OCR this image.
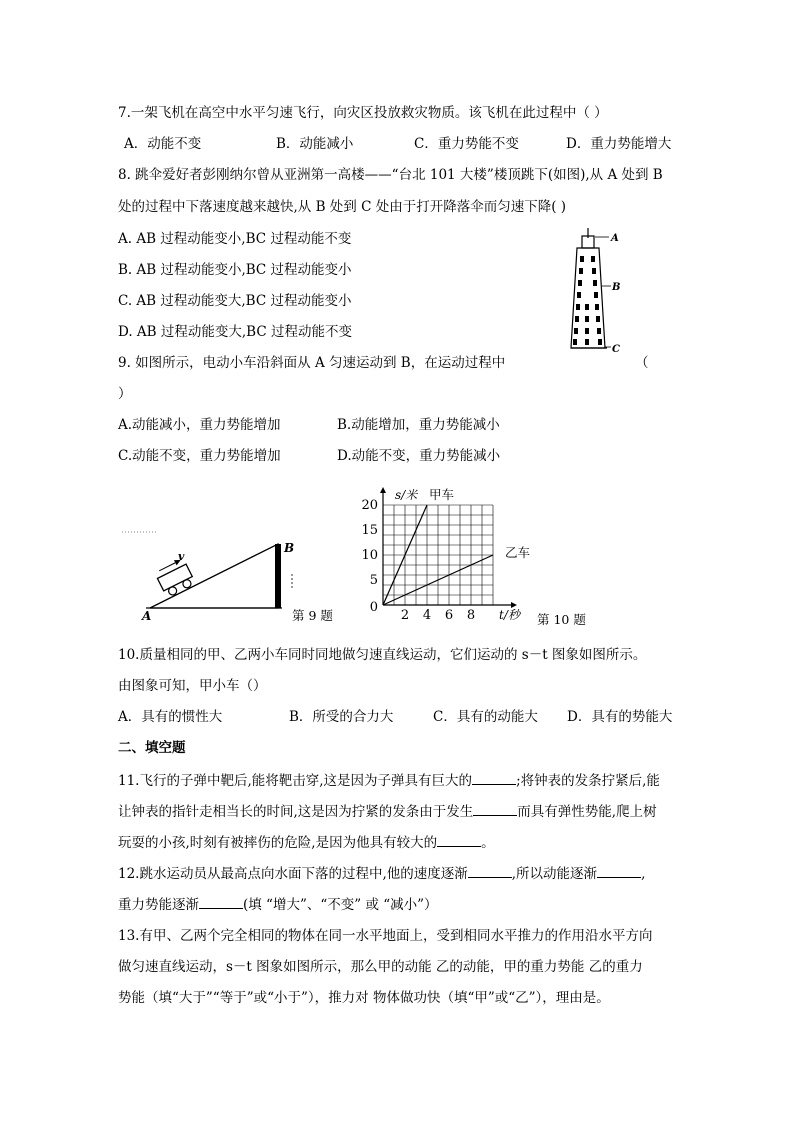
7.一架飞机在高空中水平匀速飞行，向灾区投放救灾物质。该飞机在此过程中（ ）
A．动能不变	B．动能减小	C．重力势能不变	D．重力势能增大
8. 跳伞爱好者彭刚纳尔曾从亚洲第一高楼——“台北 101 大楼”楼顶跳下(如图),从 A 处到 B
处的过程中下落速度越来越快,从 B 处到 C 处由于打开降落伞而匀速下降( )
A. AB 过程动能变小,BC 过程动能不变
B. AB 过程动能变小,BC 过程动能变小
C. AB 过程动能变大,BC 过程动能变小
D. AB 过程动能变大,BC 过程动能不变
A
B
C
9. 如图所示，电动小车沿斜面从 A 匀速运动到 B，在运动过程中	（
）
A.动能减小，重力势能增加	B.动能增加，重力势能减小
C.动能不变，重力势能增加	D.动能不变，重力势能减小
v
A
B
第 9 题	2 4 6 8
5
10
15
20
0	t/秒
s/米 甲车
乙车
第 10 题
10.质量相同的甲、乙两小车同时同地做匀速直线运动，它们运动的 s－t 图象如图所示。
由图象可知，甲小车（）
A．具有的惯性大	B．所受的合力大	C．具有的动能大 D．具有的势能大
二、填空题
11.飞行的子弹中靶后,能将靶击穿,这是因为子弹具有巨大的	;将钟表的发条拧紧后,能
让钟表的指针走相当长的时间,这是因为拧紧的发条由于发生	而具有弹性势能,爬上树
玩耍的小孩,时刻有被摔伤的危险,是因为他具有较大的	。
12.跳水运动员从最高点向水面下落的过程中,他的速度逐渐	,所以动能逐渐	,
重力势能逐渐	(填 “增大”、“不变” 或 “减小”）
13.有甲、乙两个完全相同的物体在同一水平地面上，受到相同水平推力的作用沿水平方向
做匀速直线运动，s－t 图象如图所示，那么甲的动能 乙的动能，甲的重力势能 乙的重力
势能（填“大于”“等于”或“小于”），推力对 物体做功快（填“甲”或“乙”），理由是。
